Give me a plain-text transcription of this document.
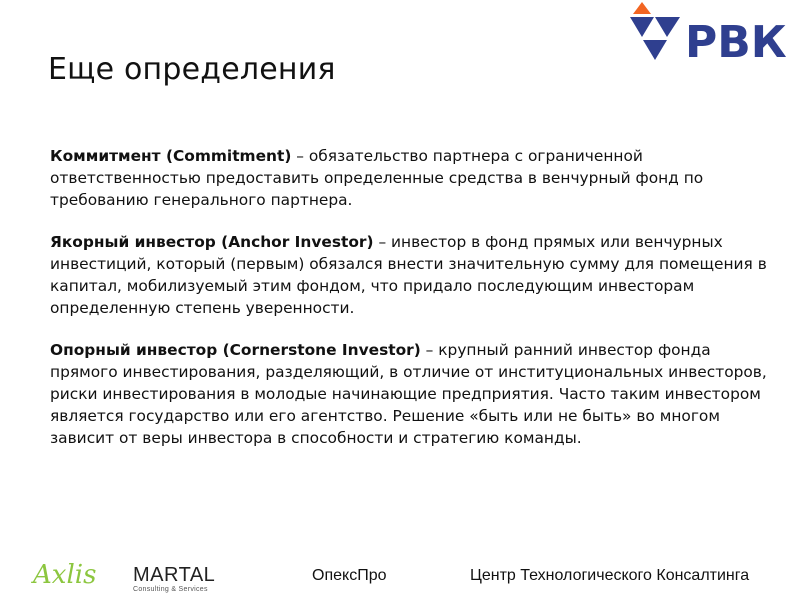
РВК
Еще определения

Коммитмент (Commitment) – обязательство партнера с ограниченной ответственностью предоставить определенные средства в венчурный фонд по требованию генерального партнера.

Якорный инвестор (Anchor Investor) – инвестор в фонд прямых или венчурных инвестиций, который (первым) обязался внести значительную сумму для помещения в капитал, мобилизуемый этим фондом, что придало последующим инвесторам определенную степень уверенности.

Опорный инвестор (Cornerstone Investor) – крупный ранний инвестор фонда прямого инвестирования, разделяющий, в отличие от институциональных инвесторов, риски инвестирования в молодые начинающие предприятия. Часто таким инвестором является государство или его агентство. Решение «быть или не быть» во многом зависит от веры инвестора в способности и стратегию команды.

Axlis MARTAL
Consulting & Services
ОпексПро	Центр Технологического Консалтинга
